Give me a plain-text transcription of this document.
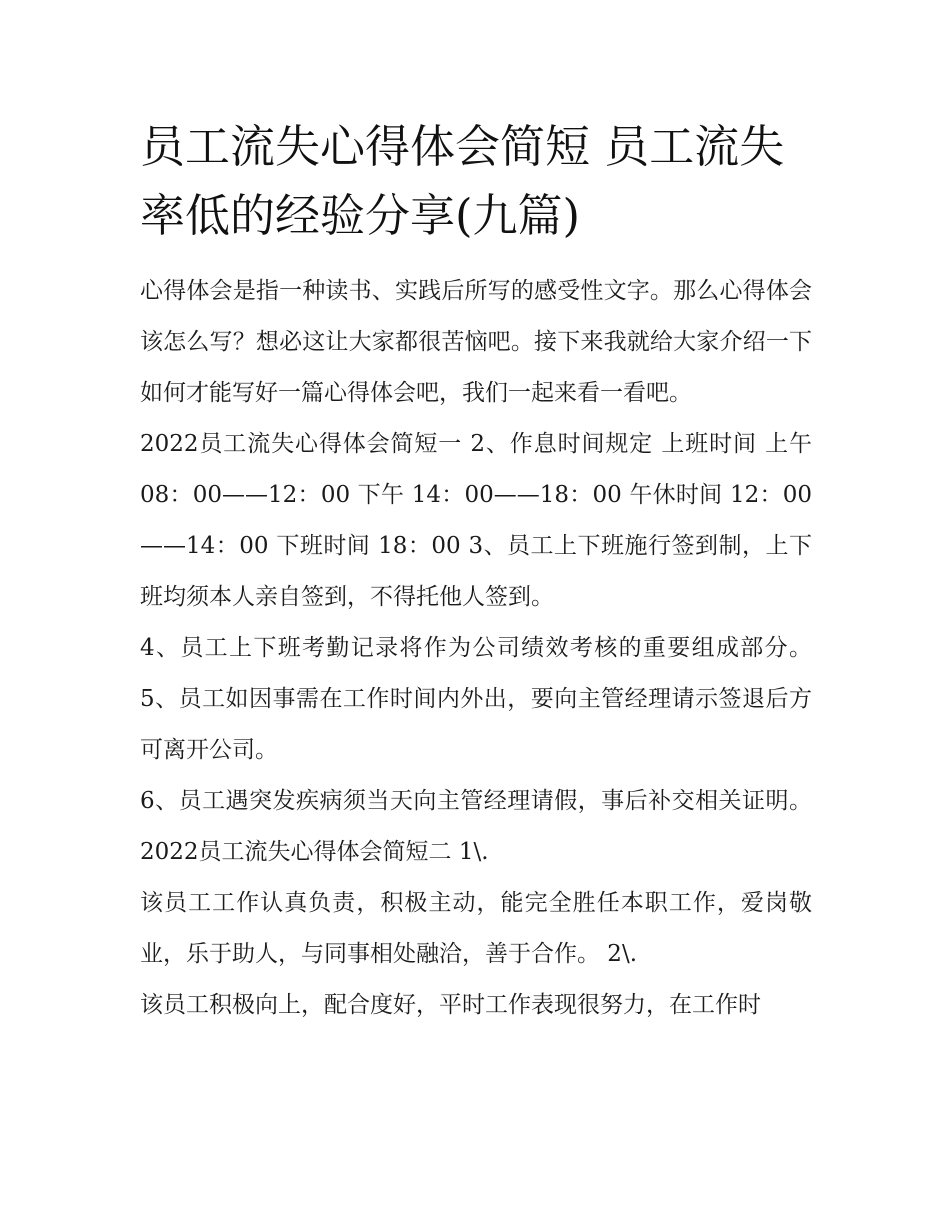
员工流失心得体会简短 员工流失率低的经验分享(九篇)

心得体会是指一种读书、实践后所写的感受性文字。那么心得体会该怎么写？想必这让大家都很苦恼吧。接下来我就给大家介绍一下如何才能写好一篇心得体会吧，我们一起来看一看吧。

2022员工流失心得体会简短一 2、作息时间规定 上班时间 上午 08：00——12：00 下午 14：00——18：00 午休时间 12：00——14：00 下班时间 18：00 3、员工上下班施行签到制，上下班均须本人亲自签到，不得托他人签到。

4、员工上下班考勤记录将作为公司绩效考核的重要组成部分。 5、员工如因事需在工作时间内外出，要向主管经理请示签退后方可离开公司。

6、员工遇突发疾病须当天向主管经理请假，事后补交相关证明。 2022员工流失心得体会简短二 1\.

该员工工作认真负责，积极主动，能完全胜任本职工作，爱岗敬业，乐于助人，与同事相处融洽，善于合作。 2\.

该员工积极向上，配合度好，平时工作表现很努力，在工作时
